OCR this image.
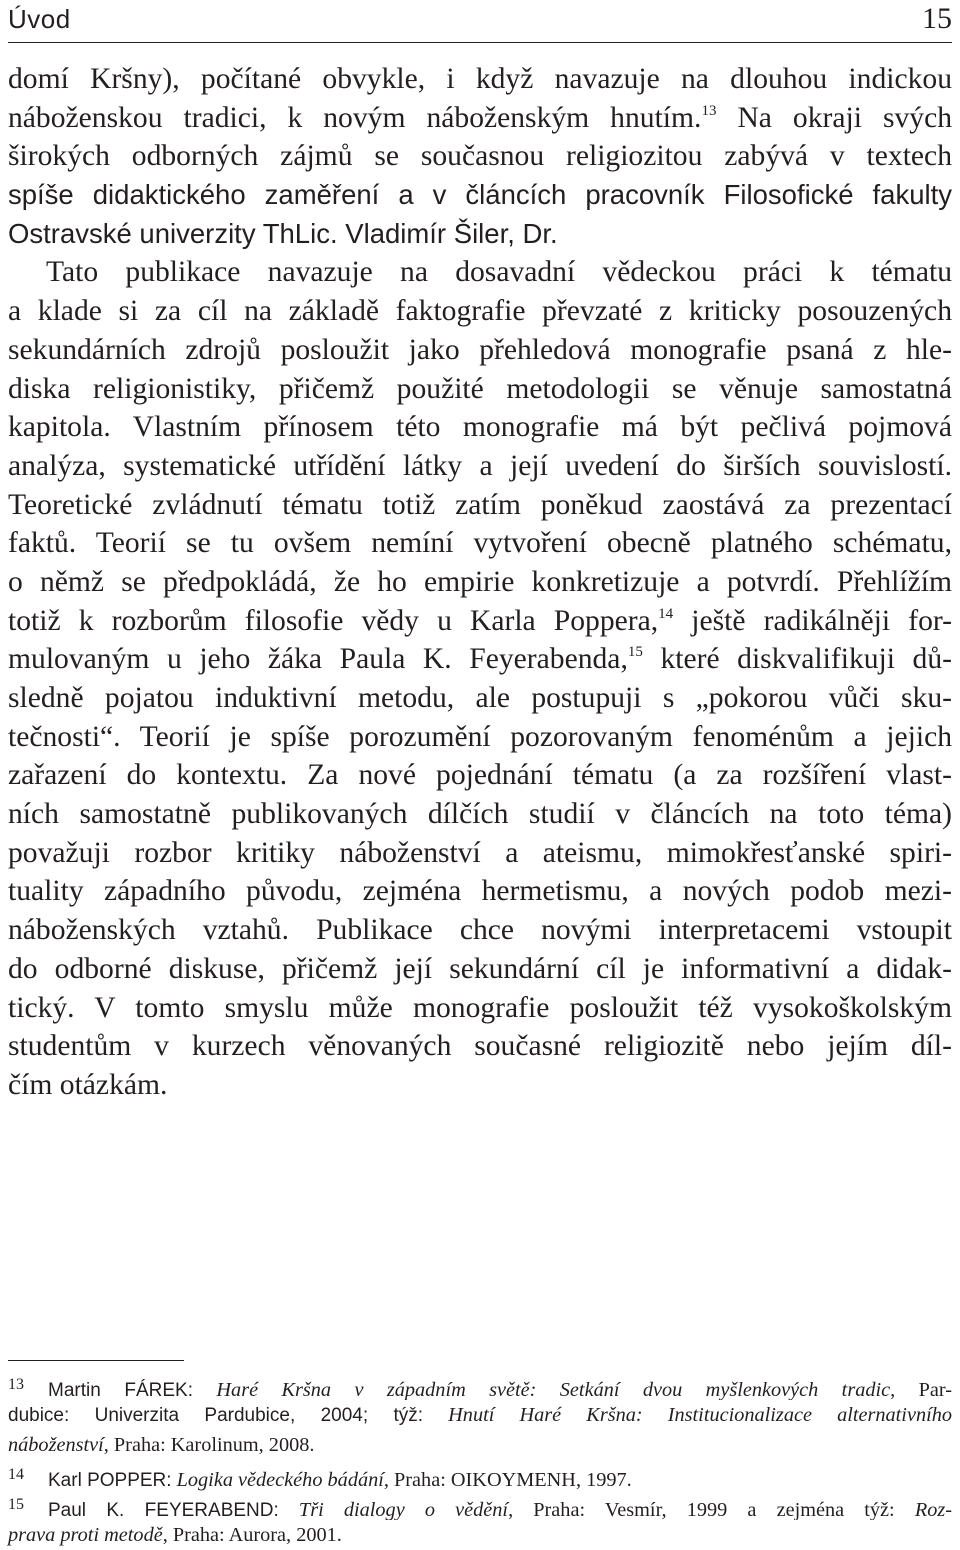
Úvod	15
domí Kršny), počítané obvykle, i když navazuje na dlouhou indickou
náboženskou tradici, k novým náboženským hnutím.$^{13}$ Na okraji svých
širokých odborných zájmů se současnou religiozitou zabývá v textech
spíše didaktického zaměření a v článcích pracovník Filosofické fakulty
Ostravské univerzity ThLic. Vladimír Šiler, Dr.
Tato publikace navazuje na dosavadní vědeckou práci k tématu
a klade si za cíl na základě faktografie převzaté z kriticky posouzených
sekundárních zdrojů posloužit jako přehledová monografie psaná z hle-
diska religionistiky, přičemž použité metodologii se věnuje samostatná
kapitola. Vlastním přínosem této monografie má být pečlivá pojmová
analýza, systematické utřídění látky a její uvedení do širších souvislostí.
Teoretické zvládnutí tématu totiž zatím poněkud zaostává za prezentací
faktů. Teorií se tu ovšem nemíní vytvoření obecně platného schématu,
o němž se předpokládá, že ho empirie konkretizuje a potvrdí. Přehlížím
totiž k rozborům filosofie vědy u Karla Poppera,$^{14}$ ještě radikálněji for-
mulovaným u jeho žáka Paula K. Feyerabenda,$^{15}$ které diskvalifikuji dů-
sledně pojatou induktivní metodu, ale postupuji s „pokorou vůči sku-
tečnosti“. Teorií je spíše porozumění pozorovaným fenoménům a jejich
zařazení do kontextu. Za nové pojednání tématu (a za rozšíření vlast-
ních samostatně publikovaných dílčích studií v článcích na toto téma)
považuji rozbor kritiky náboženství a ateismu, mimokřesťanské spiri-
tuality západního původu, zejména hermetismu, a nových podob mezi-
náboženských vztahů. Publikace chce novými interpretacemi vstoupit
do odborné diskuse, přičemž její sekundární cíl je informativní a didak-
tický. V tomto smyslu může monografie posloužit též vysokoškolským
studentům v kurzech věnovaných současné religiozitě nebo jejím díl-
čím otázkám.
13 Martin FÁREK: Haré Kršna v západním světě: Setkání dvou myšlenkových tradic, Par-
dubice: Univerzita Pardubice, 2004; týž: Hnutí Haré Kršna: Institucionalizace alternativního
náboženství, Praha: Karolinum, 2008.
14 Karl POPPER: Logika vědeckého bádání, Praha: OIKOYMENH, 1997.
15 Paul K. FEYERABEND: Tři dialogy o vědění, Praha: Vesmír, 1999 a zejména týž: Roz-
prava proti metodě, Praha: Aurora, 2001.
